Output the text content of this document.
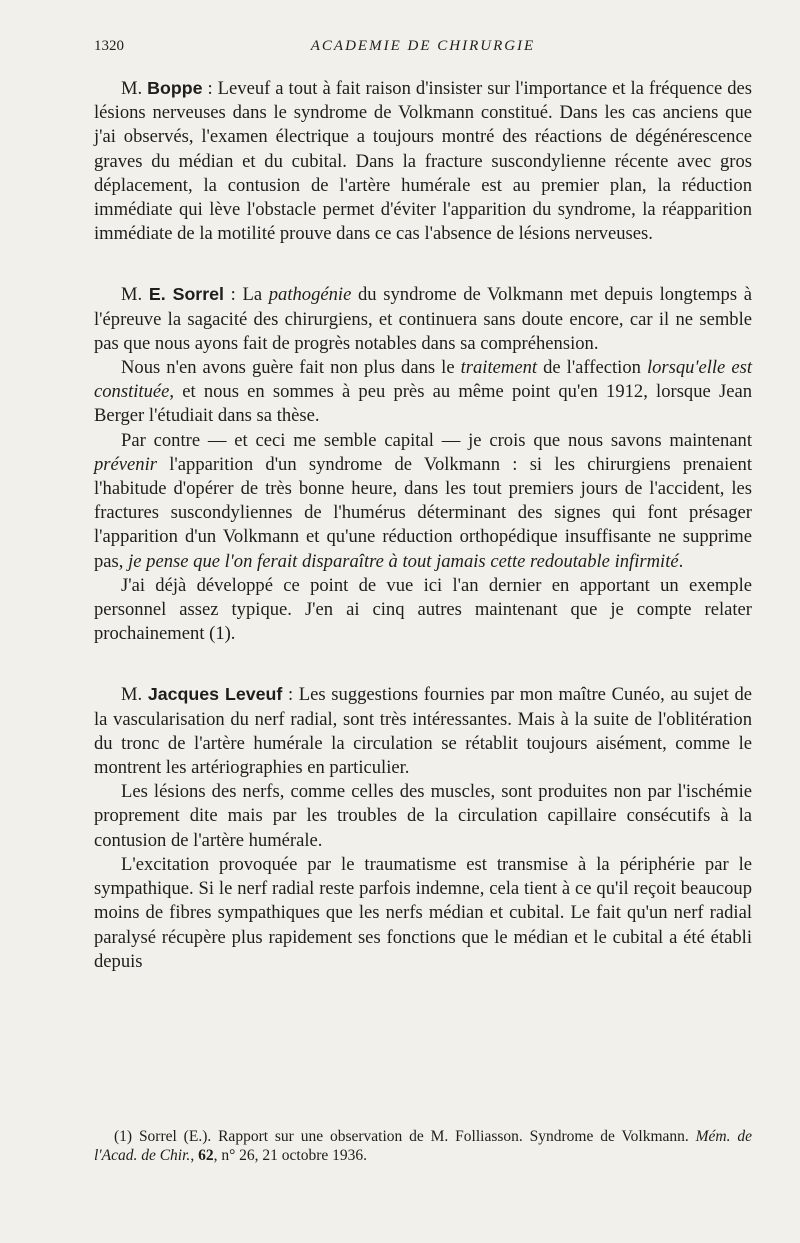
1320	ACADEMIE DE CHIRURGIE

M. Boppe : Leveuf a tout à fait raison d'insister sur l'importance et la fréquence des lésions nerveuses dans le syndrome de Volkmann constitué. Dans les cas anciens que j'ai observés, l'examen électrique a toujours montré des réactions de dégénérescence graves du médian et du cubital. Dans la fracture suscondylienne récente avec gros déplacement, la contusion de l'artère humérale est au premier plan, la réduction immédiate qui lève l'obstacle permet d'éviter l'apparition du syndrome, la réapparition immédiate de la motilité prouve dans ce cas l'absence de lésions nerveuses.

M. E. Sorrel : La pathogénie du syndrome de Volkmann met depuis longtemps à l'épreuve la sagacité des chirurgiens, et continuera sans doute encore, car il ne semble pas que nous ayons fait de progrès notables dans sa compréhension.

Nous n'en avons guère fait non plus dans le traitement de l'affection lorsqu'elle est constituée, et nous en sommes à peu près au même point qu'en 1912, lorsque Jean Berger l'étudiait dans sa thèse.

Par contre — et ceci me semble capital — je crois que nous savons maintenant prévenir l'apparition d'un syndrome de Volkmann : si les chirurgiens prenaient l'habitude d'opérer de très bonne heure, dans les tout premiers jours de l'accident, les fractures suscondyliennes de l'humérus déterminant des signes qui font présager l'apparition d'un Volkmann et qu'une réduction orthopédique insuffisante ne supprime pas, je pense que l'on ferait disparaître à tout jamais cette redoutable infirmité.

J'ai déjà développé ce point de vue ici l'an dernier en apportant un exemple personnel assez typique. J'en ai cinq autres maintenant que je compte relater prochainement (1).

M. Jacques Leveuf : Les suggestions fournies par mon maître Cunéo, au sujet de la vascularisation du nerf radial, sont très intéressantes. Mais à la suite de l'oblitération du tronc de l'artère humérale la circulation se rétablit toujours aisément, comme le montrent les artériographies en particulier.

Les lésions des nerfs, comme celles des muscles, sont produites non par l'ischémie proprement dite mais par les troubles de la circulation capillaire consécutifs à la contusion de l'artère humérale.

L'excitation provoquée par le traumatisme est transmise à la périphérie par le sympathique. Si le nerf radial reste parfois indemne, cela tient à ce qu'il reçoit beaucoup moins de fibres sympathiques que les nerfs médian et cubital. Le fait qu'un nerf radial paralysé récupère plus rapidement ses fonctions que le médian et le cubital a été établi depuis

(1) Sorrel (E.). Rapport sur une observation de M. Folliasson. Syndrome de Volkmann. Mém. de l'Acad. de Chir., 62, n° 26, 21 octobre 1936.
